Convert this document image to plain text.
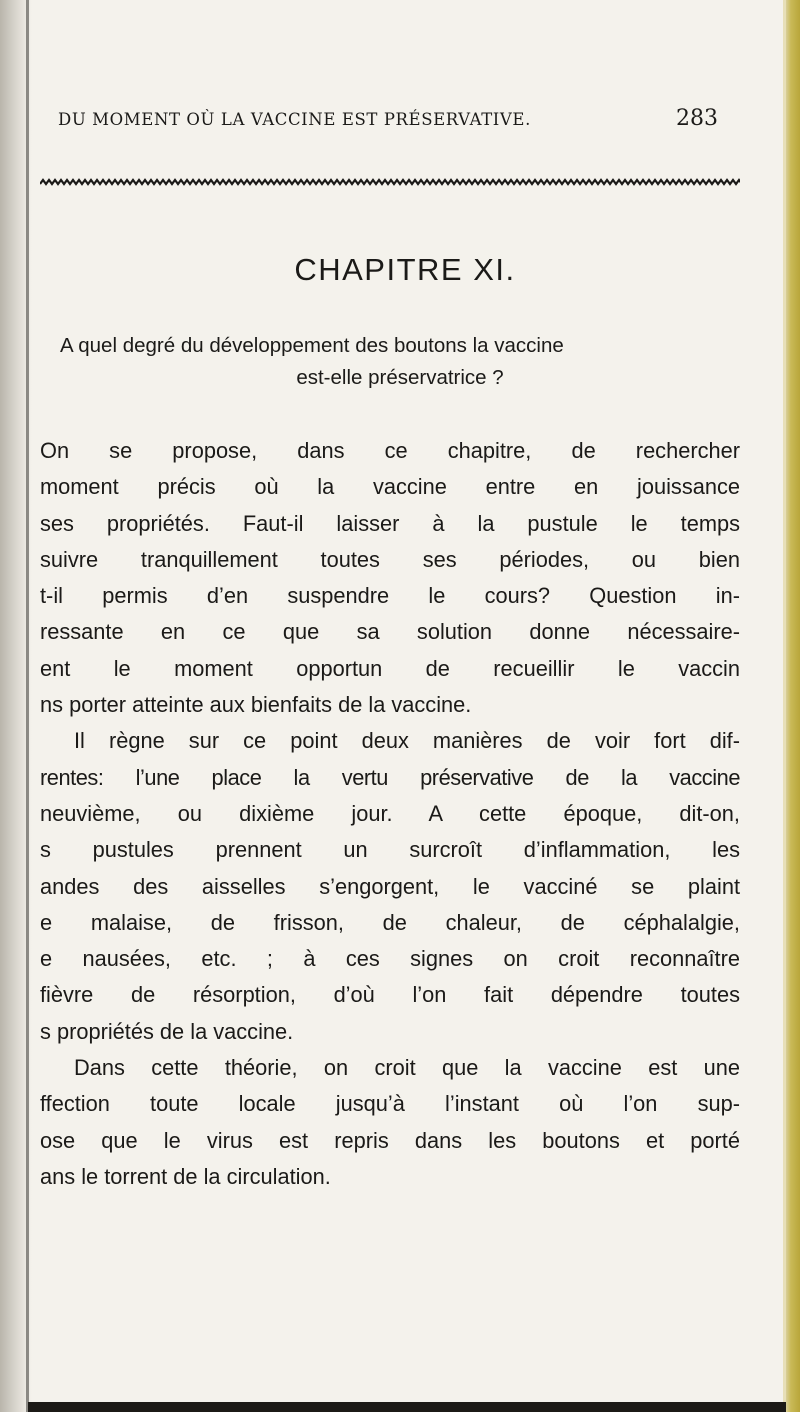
DU MOMENT OÙ LA VACCINE EST PRÉSERVATIVE.	283
CHAPITRE XI.
A quel degré du développement des boutons la vaccine
est-elle préservatrice ?
On se propose, dans ce chapitre, de rechercher
moment précis où la vaccine entre en jouissance
ses propriétés. Faut-il laisser à la pustule le temps
suivre tranquillement toutes ses périodes, ou bien
t-il permis d’en suspendre le cours? Question in-
ressante en ce que sa solution donne nécessaire-
ent le moment opportun de recueillir le vaccin
ns porter atteinte aux bienfaits de la vaccine.
Il règne sur ce point deux manières de voir fort dif-
rentes: l’une place la vertu préservative de la vaccine
neuvième, ou dixième jour. A cette époque, dit-on,
s pustules prennent un surcroît d’inflammation, les
andes des aisselles s’engorgent, le vacciné se plaint
e malaise, de frisson, de chaleur, de céphalalgie,
e nausées, etc. ; à ces signes on croit reconnaître
fièvre de résorption, d’où l’on fait dépendre toutes
s propriétés de la vaccine.
Dans cette théorie, on croit que la vaccine est une
ffection toute locale jusqu’à l’instant où l’on sup-
ose que le virus est repris dans les boutons et porté
ans le torrent de la circulation.
